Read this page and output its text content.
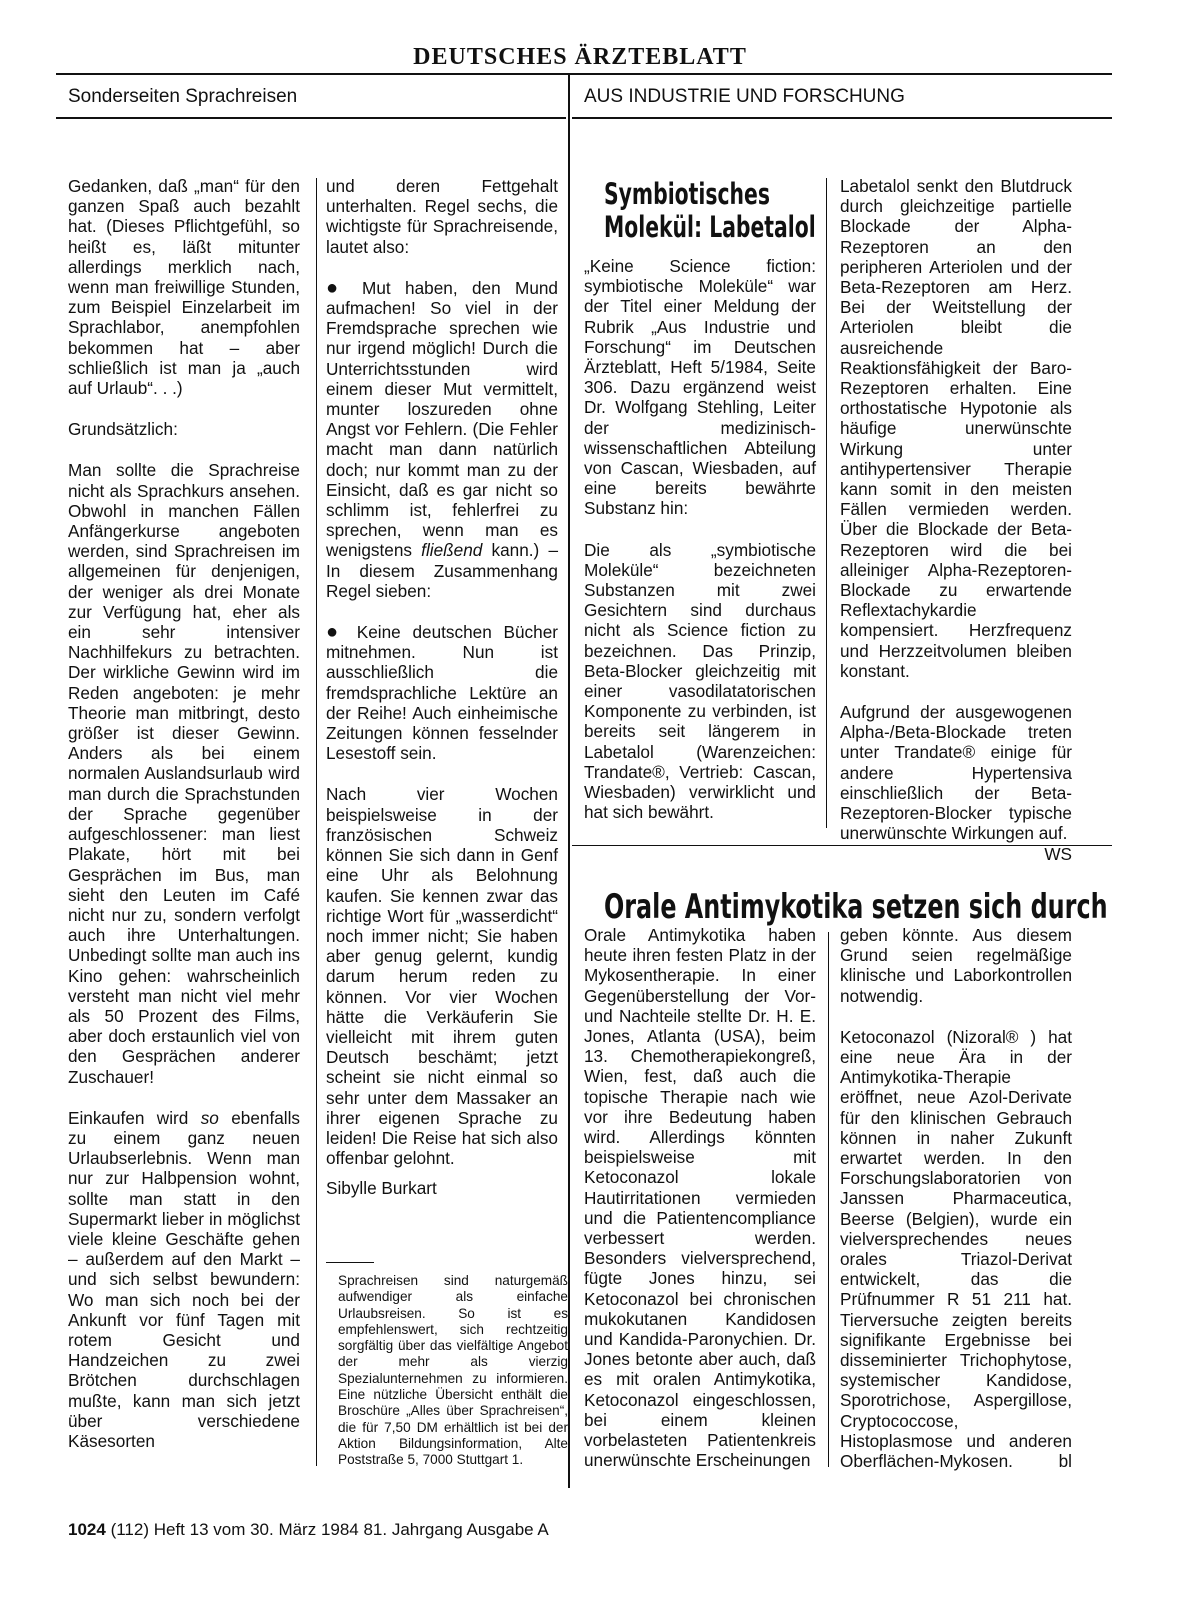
DEUTSCHES ÄRZTEBLATT
Sonderseiten Sprachreisen	AUS INDUSTRIE UND FORSCHUNG

Gedanken, daß „man“ für den ganzen Spaß auch bezahlt hat. (Dieses Pflichtgefühl, so heißt es, läßt mitunter allerdings merklich nach, wenn man freiwillige Stunden, zum Beispiel Einzelarbeit im Sprachlabor, anempfohlen bekommen hat – aber schließlich ist man ja „auch auf Urlaub“. . .)

Grundsätzlich:

Man sollte die Sprachreise nicht als Sprachkurs ansehen. Obwohl in manchen Fällen Anfängerkurse angeboten werden, sind Sprachreisen im allgemeinen für denjenigen, der weniger als drei Monate zur Verfügung hat, eher als ein sehr intensiver Nachhilfekurs zu betrachten. Der wirkliche Gewinn wird im Reden angeboten: je mehr Theorie man mitbringt, desto größer ist dieser Gewinn. Anders als bei einem normalen Auslandsurlaub wird man durch die Sprachstunden der Sprache gegenüber aufgeschlossener: man liest Plakate, hört mit bei Gesprächen im Bus, man sieht den Leuten im Café nicht nur zu, sondern verfolgt auch ihre Unterhaltungen. Unbedingt sollte man auch ins Kino gehen: wahrscheinlich versteht man nicht viel mehr als 50 Prozent des Films, aber doch erstaunlich viel von den Gesprächen anderer Zuschauer!

Einkaufen wird so ebenfalls zu einem ganz neuen Urlaubserlebnis. Wenn man nur zur Halbpension wohnt, sollte man statt in den Supermarkt lieber in möglichst viele kleine Geschäfte gehen – außerdem auf den Markt – und sich selbst bewundern: Wo man sich noch bei der Ankunft vor fünf Tagen mit rotem Gesicht und Handzeichen zu zwei Brötchen durchschlagen mußte, kann man sich jetzt über verschiedene Käsesorten

und deren Fettgehalt unterhalten. Regel sechs, die wichtigste für Sprachreisende, lautet also:

● Mut haben, den Mund aufmachen! So viel in der Fremdsprache sprechen wie nur irgend möglich! Durch die Unterrichtsstunden wird einem dieser Mut vermittelt, munter loszureden ohne Angst vor Fehlern. (Die Fehler macht man dann natürlich doch; nur kommt man zu der Einsicht, daß es gar nicht so schlimm ist, fehlerfrei zu sprechen, wenn man es wenigstens fließend kann.) – In diesem Zusammenhang Regel sieben:

● Keine deutschen Bücher mitnehmen. Nun ist ausschließlich die fremdsprachliche Lektüre an der Reihe! Auch einheimische Zeitungen können fesselnder Lesestoff sein.

Nach vier Wochen beispielsweise in der französischen Schweiz können Sie sich dann in Genf eine Uhr als Belohnung kaufen. Sie kennen zwar das richtige Wort für „wasserdicht“ noch immer nicht; Sie haben aber genug gelernt, kundig darum herum reden zu können. Vor vier Wochen hätte die Verkäuferin Sie vielleicht mit ihrem guten Deutsch beschämt; jetzt scheint sie nicht einmal so sehr unter dem Massaker an ihrer eigenen Sprache zu leiden! Die Reise hat sich also offenbar gelohnt.

Sibylle Burkart

Sprachreisen sind naturgemäß aufwendiger als einfache Urlaubsreisen. So ist es empfehlenswert, sich rechtzeitig sorgfältig über das vielfältige Angebot der mehr als vierzig Spezialunternehmen zu informieren. Eine nützliche Übersicht enthält die Broschüre „Alles über Sprachreisen“, die für 7,50 DM erhältlich ist bei der Aktion Bildungsinformation, Alte Poststraße 5, 7000 Stuttgart 1.
Symbiotisches
Molekül: Labetalol

„Keine Science fiction: symbiotische Moleküle“ war der Titel einer Meldung der Rubrik „Aus Industrie und Forschung“ im Deutschen Ärzteblatt, Heft 5/1984, Seite 306. Dazu ergänzend weist Dr. Wolfgang Stehling, Leiter der medizinisch-wissenschaftlichen Abteilung von Cascan, Wiesbaden, auf eine bereits bewährte Substanz hin:

Die als „symbiotische Moleküle“ bezeichneten Substanzen mit zwei Gesichtern sind durchaus nicht als Science fiction zu bezeichnen. Das Prinzip, Beta-Blocker gleichzeitig mit einer vasodilatatorischen Komponente zu verbinden, ist bereits seit längerem in Labetalol (Warenzeichen: Trandate®, Vertrieb: Cascan, Wiesbaden) verwirklicht und hat sich bewährt.

Labetalol senkt den Blutdruck durch gleichzeitige partielle Blockade der Alpha-Rezeptoren an den peripheren Arteriolen und der Beta-Rezeptoren am Herz. Bei der Weitstellung der Arteriolen bleibt die ausreichende Reaktionsfähigkeit der Baro-Rezeptoren erhalten. Eine orthostatische Hypotonie als häufige unerwünschte Wirkung unter antihypertensiver Therapie kann somit in den meisten Fällen vermieden werden. Über die Blockade der Beta-Rezeptoren wird die bei alleiniger Alpha-Rezeptoren-Blockade zu erwartende Reflextachykardie kompensiert. Herzfrequenz und Herzzeitvolumen bleiben konstant.

Aufgrund der ausgewogenen Alpha-/Beta-Blockade treten unter Trandate® einige für andere Hypertensiva einschließlich der Beta-Rezeptoren-Blocker typische unerwünschte Wirkungen auf.
WS

Orale Antimykotika setzen sich durch

Orale Antimykotika haben heute ihren festen Platz in der Mykosentherapie. In einer Gegenüberstellung der Vor- und Nachteile stellte Dr. H. E. Jones, Atlanta (USA), beim 13. Chemotherapiekongreß, Wien, fest, daß auch die topische Therapie nach wie vor ihre Bedeutung haben wird. Allerdings könnten beispielsweise mit Ketoconazol lokale Hautirritationen vermieden und die Patientencompliance verbessert werden. Besonders vielversprechend, fügte Jones hinzu, sei Ketoconazol bei chronischen mukokutanen Kandidosen und Kandida-Paronychien. Dr. Jones betonte aber auch, daß es mit oralen Antimykotika, Ketoconazol eingeschlossen, bei einem kleinen vorbelasteten Patientenkreis unerwünschte Erscheinungen

geben könnte. Aus diesem Grund seien regelmäßige klinische und Laborkontrollen notwendig.

Ketoconazol (Nizoral® ) hat eine neue Ära in der Antimykotika-Therapie eröffnet, neue Azol-Derivate für den klinischen Gebrauch können in naher Zukunft erwartet werden. In den Forschungslaboratorien von Janssen Pharmaceutica, Beerse (Belgien), wurde ein vielversprechendes neues orales Triazol-Derivat entwickelt, das die Prüfnummer R 51 211 hat. Tierversuche zeigten bereits signifikante Ergebnisse bei disseminierter Trichophytose, systemischer Kandidose, Sporotrichose, Aspergillose, Cryptococcose, Histoplasmose und anderen Oberflächen-Mykosen.	bl

1024 (112) Heft 13 vom 30. März 1984 81. Jahrgang Ausgabe A
